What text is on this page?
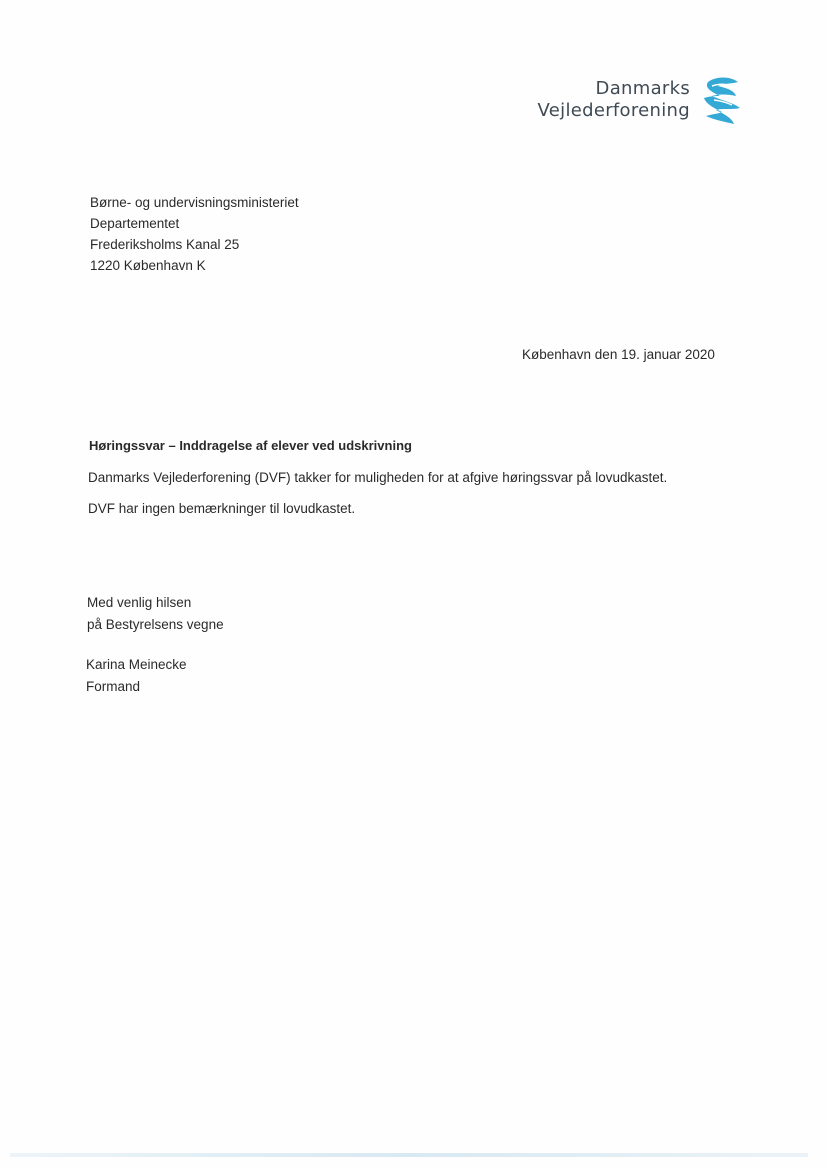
Danmarks
Vejlederforening
Børne- og undervisningsministeriet
Departementet
Frederiksholms Kanal 25
1220 København K
København den 19. januar 2020
Høringssvar – Inddragelse af elever ved udskrivning
Danmarks Vejlederforening (DVF) takker for muligheden for at afgive høringssvar på lovudkastet.
DVF har ingen bemærkninger til lovudkastet.
Med venlig hilsen
på Bestyrelsens vegne
Karina Meinecke
Formand
